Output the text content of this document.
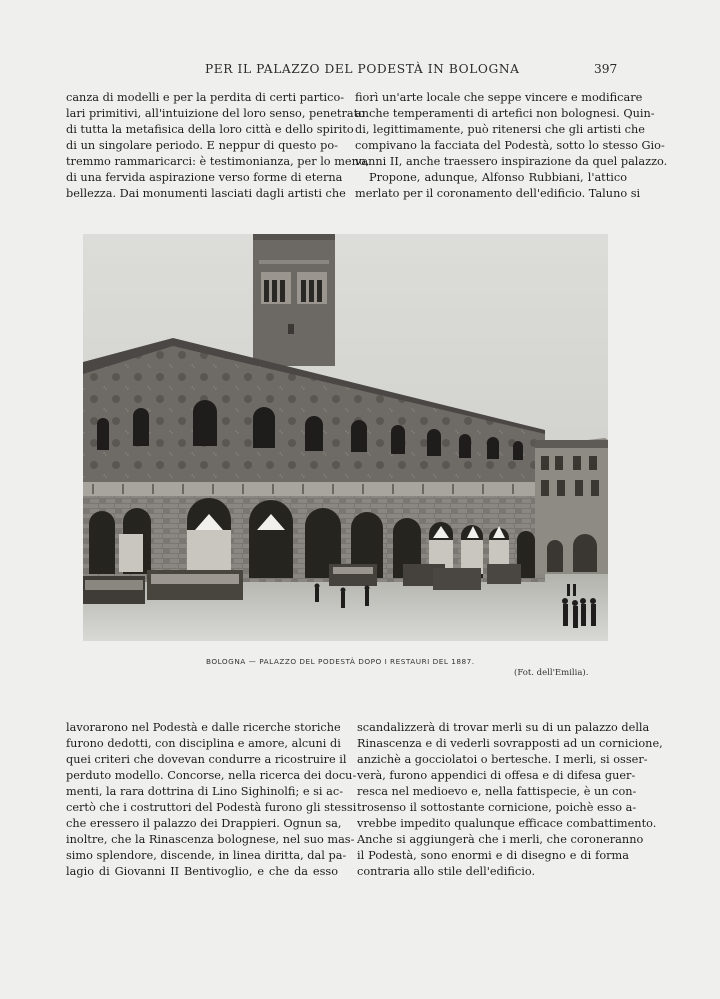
PER IL PALAZZO DEL PODESTÀ IN BOLOGNA	397
canza di modelli e per la perdita di certi partico-
lari primitivi, all'intuizione del loro senso, penetrato
di tutta la metafisica della loro città e dello spirito
di un singolare periodo. E neppur di questo po-
tremmo rammaricarci: è testimonianza, per lo meno,
di una fervida aspirazione verso forme di eterna
bellezza. Dai monumenti lasciati dagli artisti che
fiorì un'arte locale che seppe vincere e modificare
anche temperamenti di artefici non bolognesi. Quin-
di, legittimamente, può ritenersi che gli artisti che
compivano la facciata del Podestà, sotto lo stesso Gio-
vanni II, anche traessero inspirazione da quel palazzo.
Propone, adunque, Alfonso Rubbiani, l'attico
merlato per il coronamento dell'edificio. Taluno si
BOLOGNA — PALAZZO DEL PODESTÀ DOPO I RESTAURI DEL 1887.
(Fot. dell'Emilia).
lavorarono nel Podestà e dalle ricerche storiche
furono dedotti, con disciplina e amore, alcuni di
quei criteri che dovevan condurre a ricostruire il
perduto modello. Concorse, nella ricerca dei docu-
menti, la rara dottrina di Lino Sighinolfi; e si ac-
certò che i costruttori del Podestà furono gli stessi
che eressero il palazzo dei Drappieri. Ognun sa,
inoltre, che la Rinascenza bolognese, nel suo mas-
simo splendore, discende, in linea diritta, dal pa-
lagio di Giovanni II Bentivoglio, e che da esso
scandalizzerà di trovar merli su di un palazzo della
Rinascenza e di vederli sovrapposti ad un cornicione,
anzichè a gocciolatoi o bertesche. I merli, si osser-
verà, furono appendici di offesa e di difesa guer-
resca nel medioevo e, nella fattispecie, è un con-
trosenso il sottostante cornicione, poichè esso a-
vrebbe impedito qualunque efficace combattimento.
Anche si aggiungerà che i merli, che coroneranno
il Podestà, sono enormi e di disegno e di forma
contraria allo stile dell'edificio.
